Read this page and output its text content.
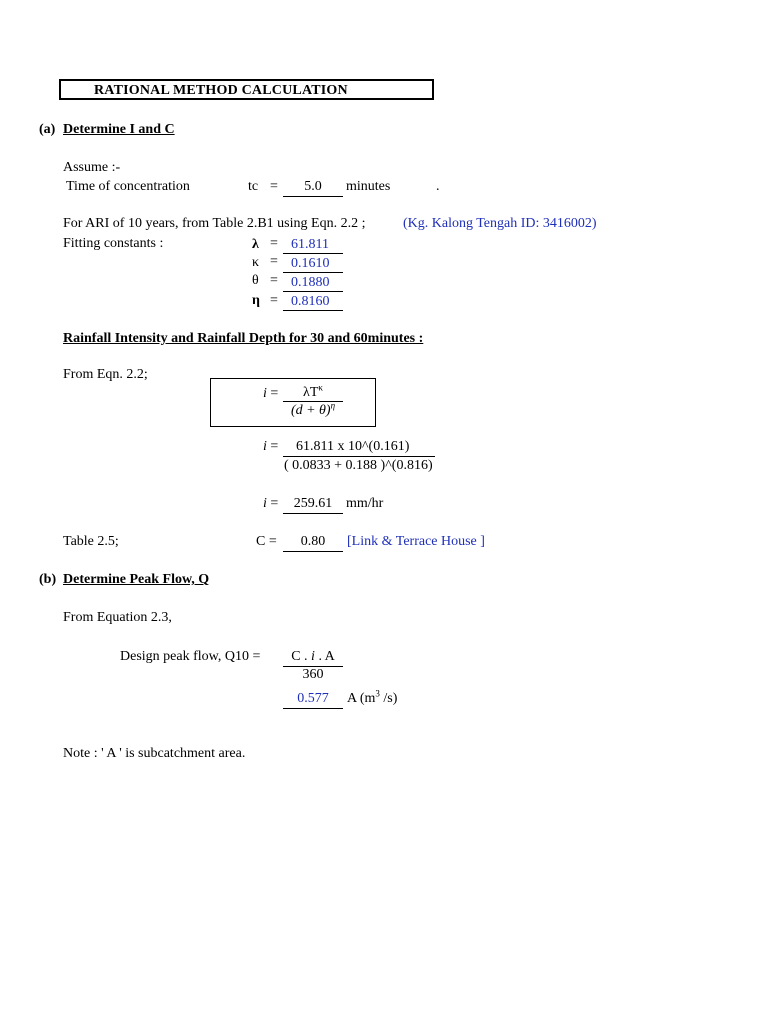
RATIONAL METHOD CALCULATION
(a) Determine I and C
Assume :-
Time of concentration	tc =	5.0	minutes	.
For ARI of 10 years, from Table 2.B1 using Eqn. 2.2 ;	(Kg. Kalong Tengah ID: 3416002)
Fitting constants :	λ = 61.811
κ = 0.1610
θ = 0.1880
η = 0.8160
Rainfall Intensity and Rainfall Depth for 30 and 60minutes :
From Eqn. 2.2;
i =	$\lambda T^\kappa$
$(d + \theta)^\eta$
i = 61.811 x 10^(0.161)
( 0.0833 + 0.188 )^(0.816)
i =	259.61 mm/hr
Table 2.5;	C =	0.80	[Link & Terrace House ]
(b) Determine Peak Flow, Q
From Equation 2.3,
Design peak flow, Q10 =	C . i . A
360
0.577	A ($m^3$ /s)
Note : ' A ' is subcatchment area.
